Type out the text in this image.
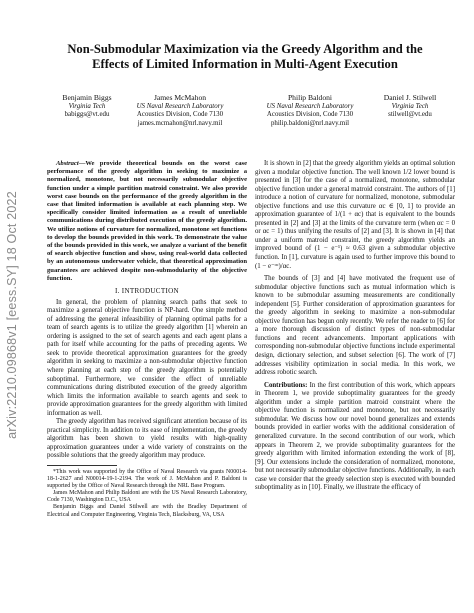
arXiv:2210.09868v1 [eess.SY] 18 Oct 2022
Non-Submodular Maximization via the Greedy Algorithm and the
Effects of Limited Information in Multi-Agent Execution
Benjamin Biggs
Virginia Tech
babiggs@vt.edu
James McMahon
US Naval Research Laboratory
Acoustics Division, Code 7130
james.mcmahon@nrl.navy.mil
Philip Baldoni
US Naval Research Laboratory
Acoustics Division, Code 7130
philip.baldoni@nrl.navy.mil
Daniel J. Stilwell
Virginia Tech
stilwell@vt.edu

Abstract—We provide theoretical bounds on the worst case performance of the greedy algorithm in seeking to maximize a normalized, monotone, but not necessarily submodular objective function under a simple partition matroid constraint. We also provide worst case bounds on the performance of the greedy algorithm in the case that limited information is available at each planning step. We specifically consider limited information as a result of unreliable communications during distributed execution of the greedy algorithm. We utilize notions of curvature for normalized, monotone set functions to develop the bounds provided in this work. To demonstrate the value of the bounds provided in this work, we analyze a variant of the benefit of search objective function and show, using real-world data collected by an autonomous underwater vehicle, that theoretical approximation guarantees are achieved despite non-submodularity of the objective function.

I. INTRODUCTION

In general, the problem of planning search paths that seek to maximize a general objective function is NP-hard. One simple method of addressing the general infeasibility of planning optimal paths for a team of search agents is to utilize the greedy algorithm [1] wherein an ordering is assigned to the set of search agents and each agent plans a path for itself while accounting for the paths of preceding agents. We seek to provide theoretical approximation guarantees for the greedy algorithm in seeking to maximize a non-submodular objective function where planning at each step of the greedy algorithm is potentially suboptimal. Furthermore, we consider the effect of unreliable communications during distributed execution of the greedy algorithm which limits the information available to search agents and seek to provide approximation guarantees for the greedy algorithm with limited information as well.

The greedy algorithm has received significant attention because of its practical simplicity. In addition to its ease of implementation, the greedy algorithm has been shown to yield results with high-quality approximation guarantees under a wide variety of constraints on the possible solutions that the greedy algorithm may produce.

*This work was supported by the Office of Naval Research via grants N00014-18-1-2627 and N00014-19-1-2194. The work of J. McMahon and P. Baldoni is supported by the Office of Naval Research through the NRL Base Program.

James McMahon and Philip Baldoni are with the US Naval Research Laboratory, Code 7130, Washington D.C., USA

Benjamin Biggs and Daniel Stilwell are with the Bradley Department of Electrical and Computer Engineering, Virginia Tech, Blacksburg, VA, USA

It is shown in [2] that the greedy algorithm yields an optimal solution given a modular objective function. The well known 1/2 lower bound is presented in [3] for the case of a normalized, monotone, submodular objective function under a general matroid constraint. The authors of [1] introduce a notion of curvature for normalized, monotone, submodular objective functions and use this curvature αc ∈ [0, 1] to provide an approximation guarantee of 1/(1 + αc) that is equivalent to the bounds presented in [2] and [3] at the limits of the curvature term (when αc = 0 or αc = 1) thus unifying the results of [2] and [3]. It is shown in [4] that under a uniform matroid constraint, the greedy algorithm yields an improved bound of (1 − e⁻¹) ≈ 0.63 given a submodular objective function. In [1], curvature is again used to further improve this bound to (1 − e⁻ᵅᶜ)/αc.

The bounds of [3] and [4] have motivated the frequent use of submodular objective functions such as mutual information which is known to be submodular assuming measurements are conditionally independent [5]. Further consideration of approximation guarantees for the greedy algorithm in seeking to maximize a non-submodular objective function has begun only recently. We refer the reader to [6] for a more thorough discussion of distinct types of non-submodular functions and recent advancements. Important applications with corresponding non-submodular objective functions include experimental design, dictionary selection, and subset selection [6]. The work of [7] addresses visibility optimization in social media. In this work, we address robotic search.

Contributions: In the first contribution of this work, which appears in Theorem 1, we provide suboptimality guarantees for the greedy algorithm under a simple partition matroid constraint where the objective function is normalized and monotone, but not necessarily submodular. We discuss how our novel bound generalizes and extends bounds provided in earlier works with the additional consideration of generalized curvature. In the second contribution of our work, which appears in Theorem 2, we provide suboptimality guarantees for the greedy algorithm with limited information extending the work of [8], [9]. Our extensions include the consideration of normalized, monotone, but not necessarily submodular objective functions. Additionally, in each case we consider that the greedy selection step is executed with bounded suboptimality as in [10]. Finally, we illustrate the efficacy of
